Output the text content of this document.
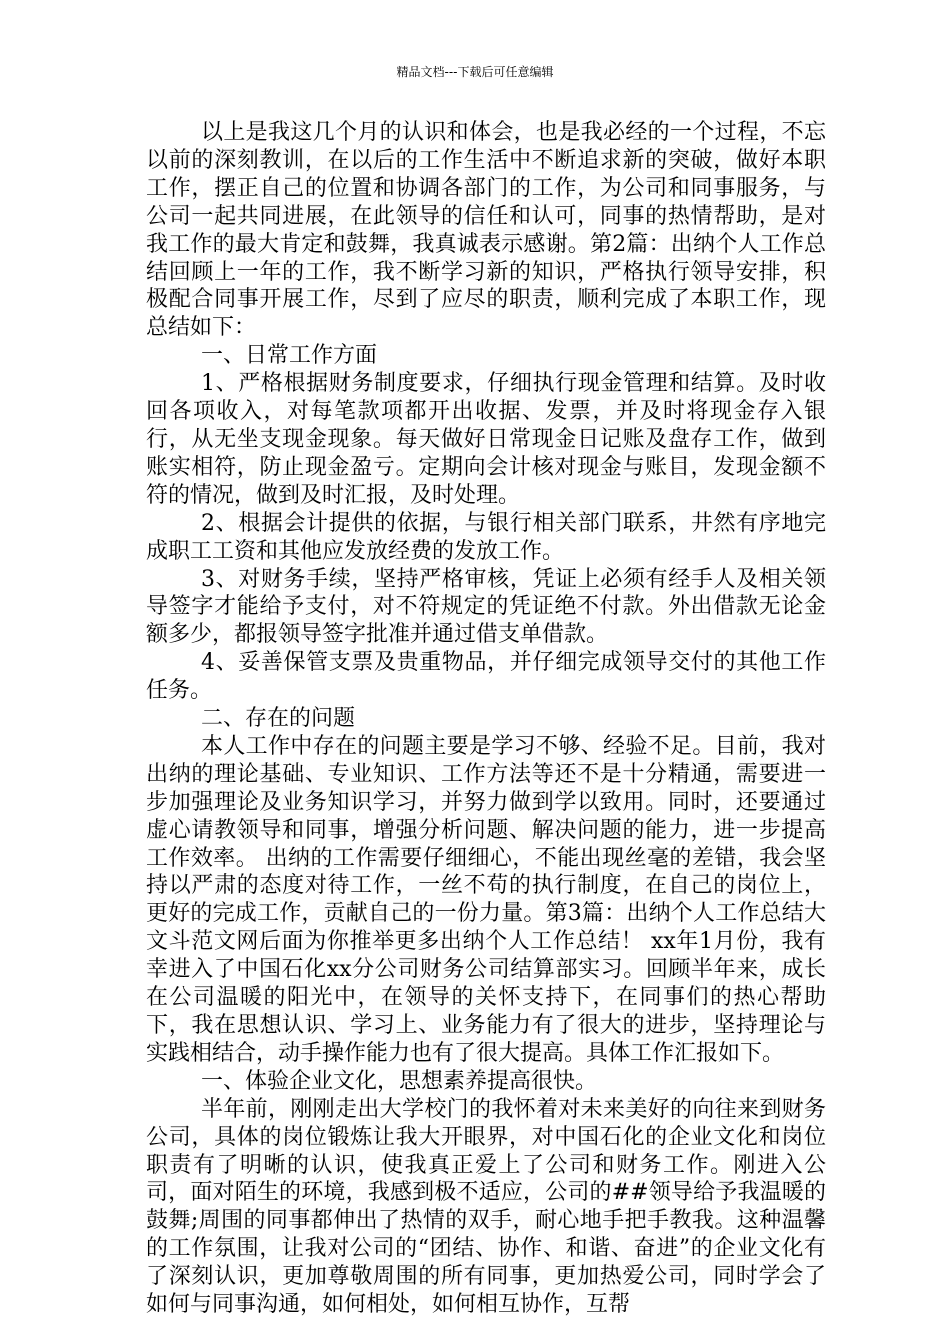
精品文档---下载后可任意编辑

以上是我这几个月的认识和体会，也是我必经的一个过程，不忘以前的深刻教训，在以后的工作生活中不断追求新的突破，做好本职工作，摆正自己的位置和协调各部门的工作，为公司和同事服务，与公司一起共同进展，在此领导的信任和认可，同事的热情帮助，是对我工作的最大肯定和鼓舞，我真诚表示感谢。第2篇：出纳个人工作总结回顾上一年的工作，我不断学习新的知识，严格执行领导安排，积极配合同事开展工作，尽到了应尽的职责，顺利完成了本职工作，现总结如下：

一、日常工作方面

1、严格根据财务制度要求，仔细执行现金管理和结算。及时收回各项收入，对每笔款项都开出收据、发票，并及时将现金存入银行，从无坐支现金现象。每天做好日常现金日记账及盘存工作，做到账实相符，防止现金盈亏。定期向会计核对现金与账目，发现金额不符的情况，做到及时汇报，及时处理。

2、根据会计提供的依据，与银行相关部门联系，井然有序地完成职工工资和其他应发放经费的发放工作。

3、对财务手续，坚持严格审核，凭证上必须有经手人及相关领导签字才能给予支付，对不符规定的凭证绝不付款。外出借款无论金额多少，都报领导签字批准并通过借支单借款。

4、妥善保管支票及贵重物品，并仔细完成领导交付的其他工作任务。

二、存在的问题

本人工作中存在的问题主要是学习不够、经验不足。目前，我对出纳的理论基础、专业知识、工作方法等还不是十分精通，需要进一步加强理论及业务知识学习，并努力做到学以致用。同时，还要通过虚心请教领导和同事，增强分析问题、解决问题的能力，进一步提高工作效率。 出纳的工作需要仔细细心，不能出现丝毫的差错，我会坚持以严肃的态度对待工作，一丝不苟的执行制度，在自己的岗位上，更好的完成工作，贡献自己的一份力量。第3篇：出纳个人工作总结大文斗范文网后面为你推举更多出纳个人工作总结！ xx年1月份，我有幸进入了中国石化xx分公司财务公司结算部实习。回顾半年来，成长在公司温暖的阳光中，在领导的关怀支持下，在同事们的热心帮助下，我在思想认识、学习上、业务能力有了很大的进步，坚持理论与实践相结合，动手操作能力也有了很大提高。具体工作汇报如下。

一、体验企业文化，思想素养提高很快。

半年前，刚刚走出大学校门的我怀着对未来美好的向往来到财务公司，具体的岗位锻炼让我大开眼界，对中国石化的企业文化和岗位职责有了明晰的认识，使我真正爱上了公司和财务工作。刚进入公司，面对陌生的环境，我感到极不适应，公司的##领导给予我温暖的鼓舞;周围的同事都伸出了热情的双手，耐心地手把手教我。这种温馨的工作氛围，让我对公司的“团结、协作、和谐、奋进”的企业文化有了深刻认识，更加尊敬周围的所有同事，更加热爱公司，同时学会了如何与同事沟通，如何相处，如何相互协作，互帮
